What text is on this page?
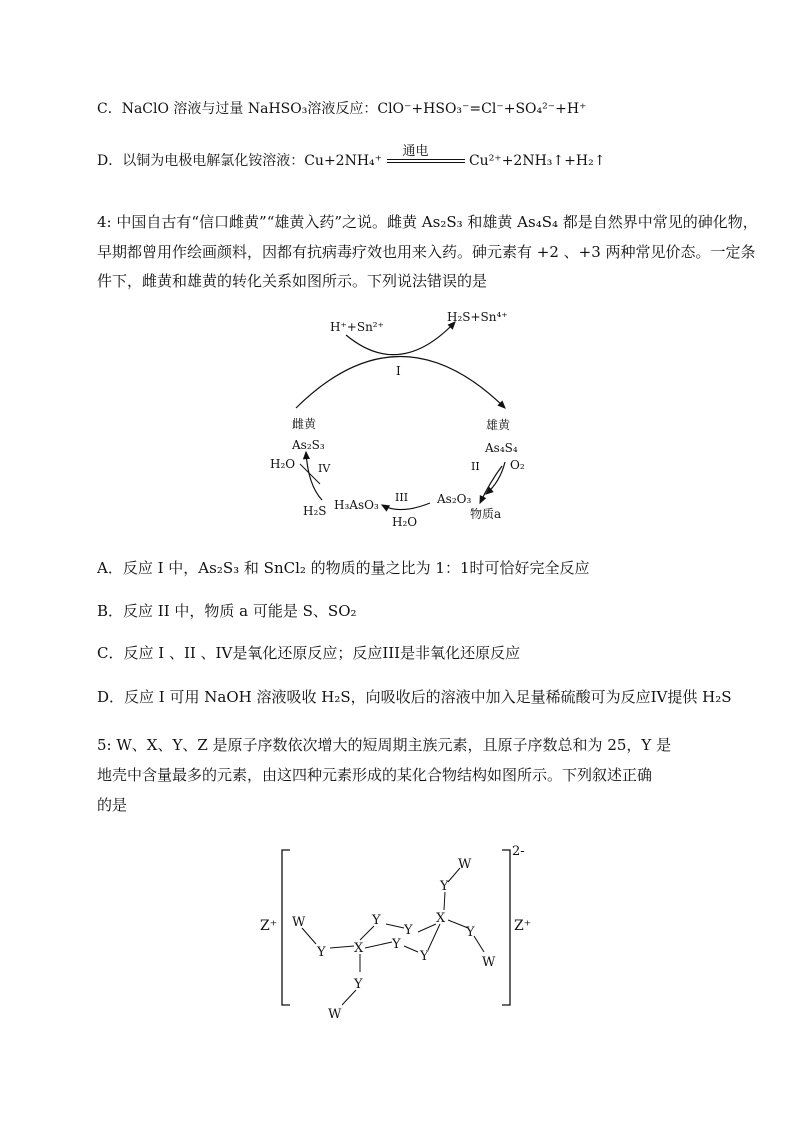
C．NaClO 溶液与过量 NaHSO₃溶液反应：ClO⁻+HSO₃⁻=Cl⁻+SO₄²⁻+H⁺
D．以铜为电极电解氯化铵溶液：Cu+2NH₄⁺
通电
Cu²⁺+2NH₃↑+H₂↑
4: 中国自古有“信口雌黄”“雄黄入药”之说。雌黄 As₂S₃ 和雄黄 As₄S₄ 都是自然界中常见的砷化物，
早期都曾用作绘画颜料，因都有抗病毒疗效也用来入药。砷元素有 +2 、+3 两种常见价态。一定条
件下，雌黄和雄黄的转化关系如图所示。下列说法错误的是
H⁺+Sn²⁺
H₂S+Sn⁴⁺
I
雌黄
As₂S₃
雄黄
As₄S₄
II	O₂
As₂O₃
物质a
III
H₃AsO₃
H₂O
IV
H₂O
H₂S
A．反应 I 中，As₂S₃ 和 SnCl₂ 的物质的量之比为 1：1时可恰好完全反应
B．反应 II 中，物质 a 可能是 S、SO₂
C．反应 I 、II 、IV是氧化还原反应；反应III是非氧化还原反应
D．反应 I 可用 NaOH 溶液吸收 H₂S，向吸收后的溶液中加入足量稀硫酸可为反应IV提供 H₂S
5: W、X、Y、Z 是原子序数依次增大的短周期主族元素，且原子序数总和为 25，Y 是
地壳中含量最多的元素，由这四种元素形成的某化合物结构如图所示。下列叙述正确
的是
2-
Z⁺	Z⁺
W
Y X
Y
Y
Y
Y
X
Y
W
Y
W
Y
W
